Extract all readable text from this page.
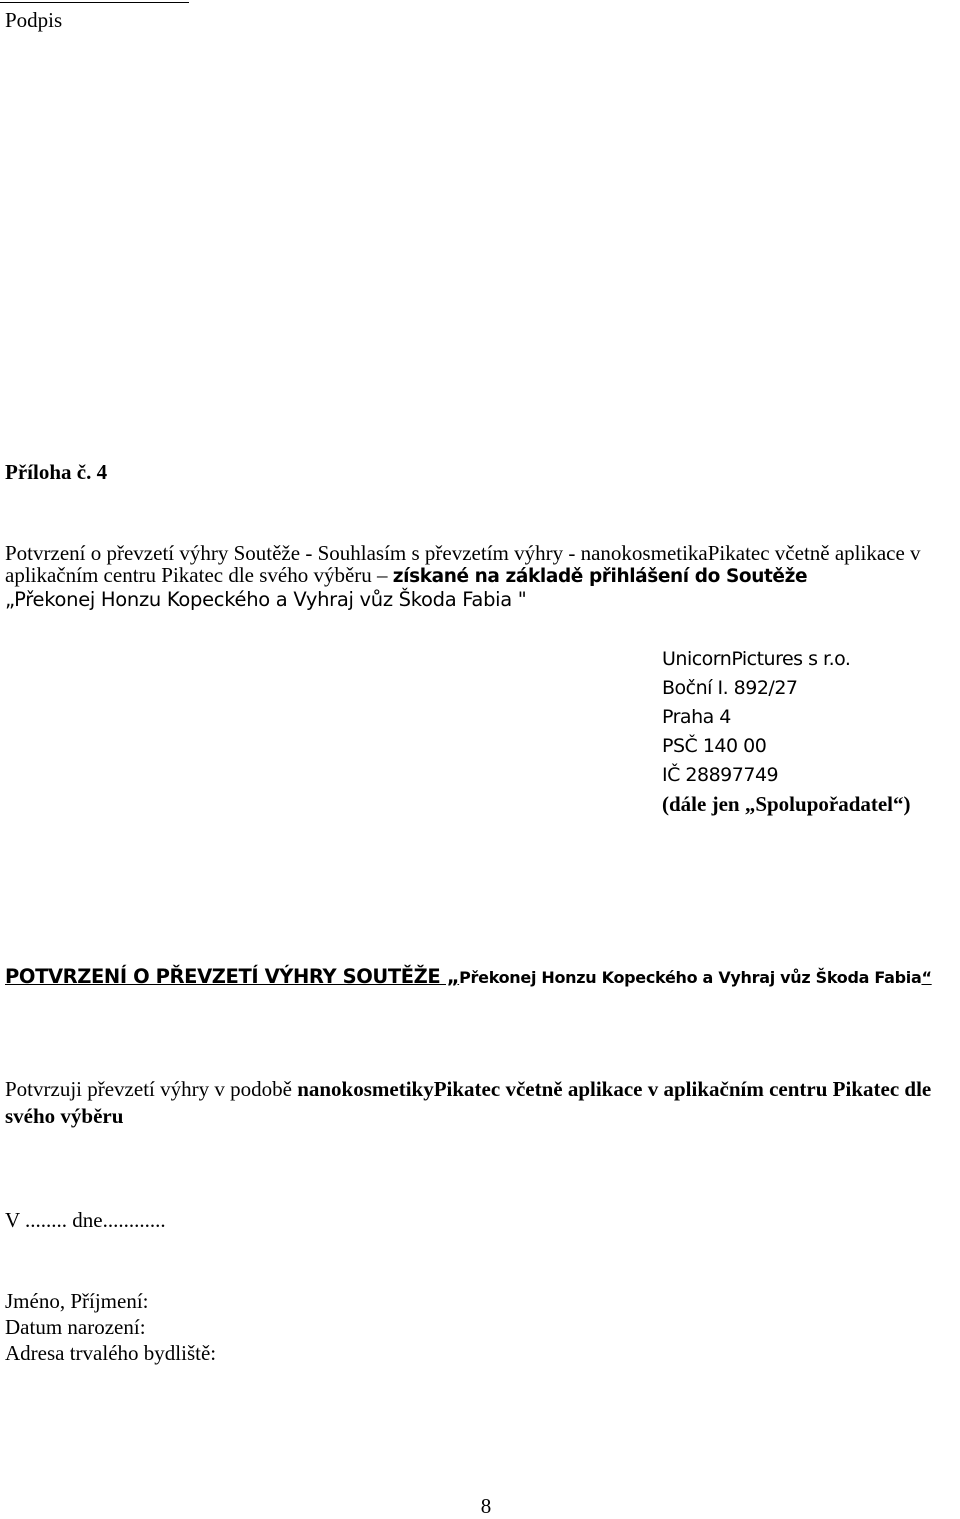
Podpis
Příloha č. 4
Potvrzení o převzetí výhry Soutěže - Souhlasím s převzetím výhry - nanokosmetikaPikatec včetně aplikace v aplikačním centru Pikatec dle svého výběru – získané na základě přihlášení do Soutěže
„Překonej Honzu Kopeckého a Vyhraj vůz Škoda Fabia "
UnicornPictures s r.o.
Boční I. 892/27
Praha 4
PSČ 140 00
IČ 28897749
(dále jen „Spolupořadatel“)
POTVRZENÍ O PŘEVZETÍ VÝHRY SOUTĚŽE „Překonej Honzu Kopeckého a Vyhraj vůz Škoda Fabia“
Potvrzuji převzetí výhry v podobě nanokosmetikyPikatec včetně aplikace v aplikačním centru Pikatec dle svého výběru
V ........ dne............
Jméno, Příjmení:
Datum narození:
Adresa trvalého bydliště:
8
